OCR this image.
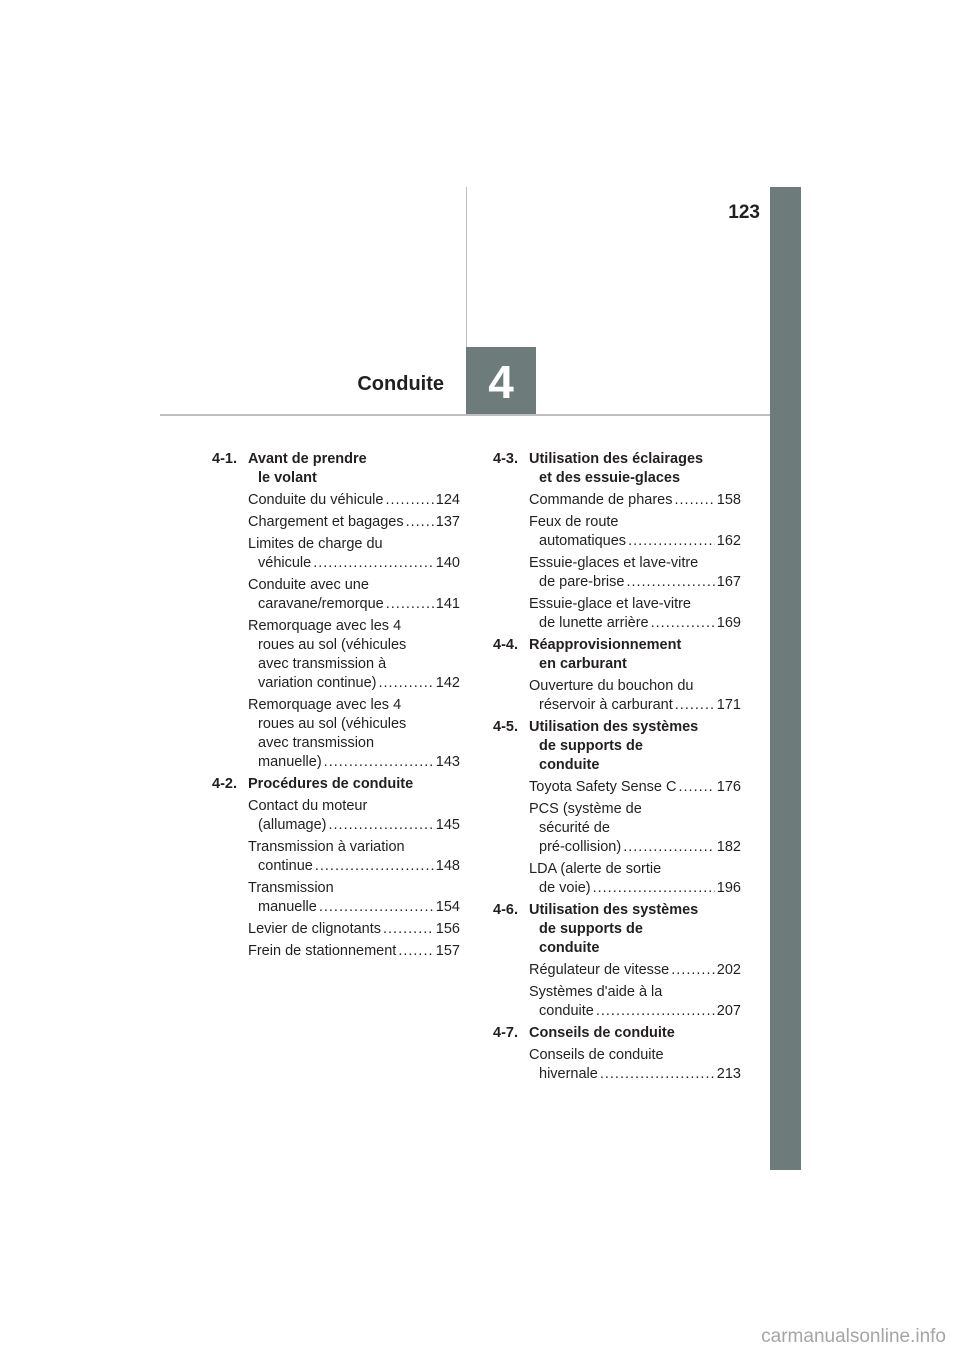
123
4
Conduite
4-1. Avant de prendre
le volant
Conduite du véhicule .....	124
Chargement et bagages ..... 137
Limites de charge du
véhicule .....	140
Conduite avec une
caravane/remorque .....	141
Remorquage avec les 4
roues au sol (véhicules
avec transmission à
variation continue) .....	142
Remorquage avec les 4
roues au sol (véhicules
avec transmission
manuelle) .....	143
4-2. Procédures de conduite
Contact du moteur
(allumage) .....	145
Transmission à variation
continue .....	148
Transmission
manuelle .....	154
Levier de clignotants .....	156
Frein de stationnement .....	157
4-3. Utilisation des éclairages
et des essuie-glaces
Commande de phares .....	158
Feux de route
automatiques .....	162
Essuie-glaces et lave-vitre
de pare-brise .....	167
Essuie-glace et lave-vitre
de lunette arrière .....	169
4-4. Réapprovisionnement
en carburant
Ouverture du bouchon du
réservoir à carburant .....	171
4-5. Utilisation des systèmes
de supports de
conduite
Toyota Safety Sense C .....	176
PCS (système de
sécurité de
pré-collision) .....	182
LDA (alerte de sortie
de voie) .....	196
4-6. Utilisation des systèmes
de supports de
conduite
Régulateur de vitesse .....	202
Systèmes d'aide à la
conduite .....	207
4-7. Conseils de conduite
Conseils de conduite
hivernale .....	213
carmanualsonline.info
